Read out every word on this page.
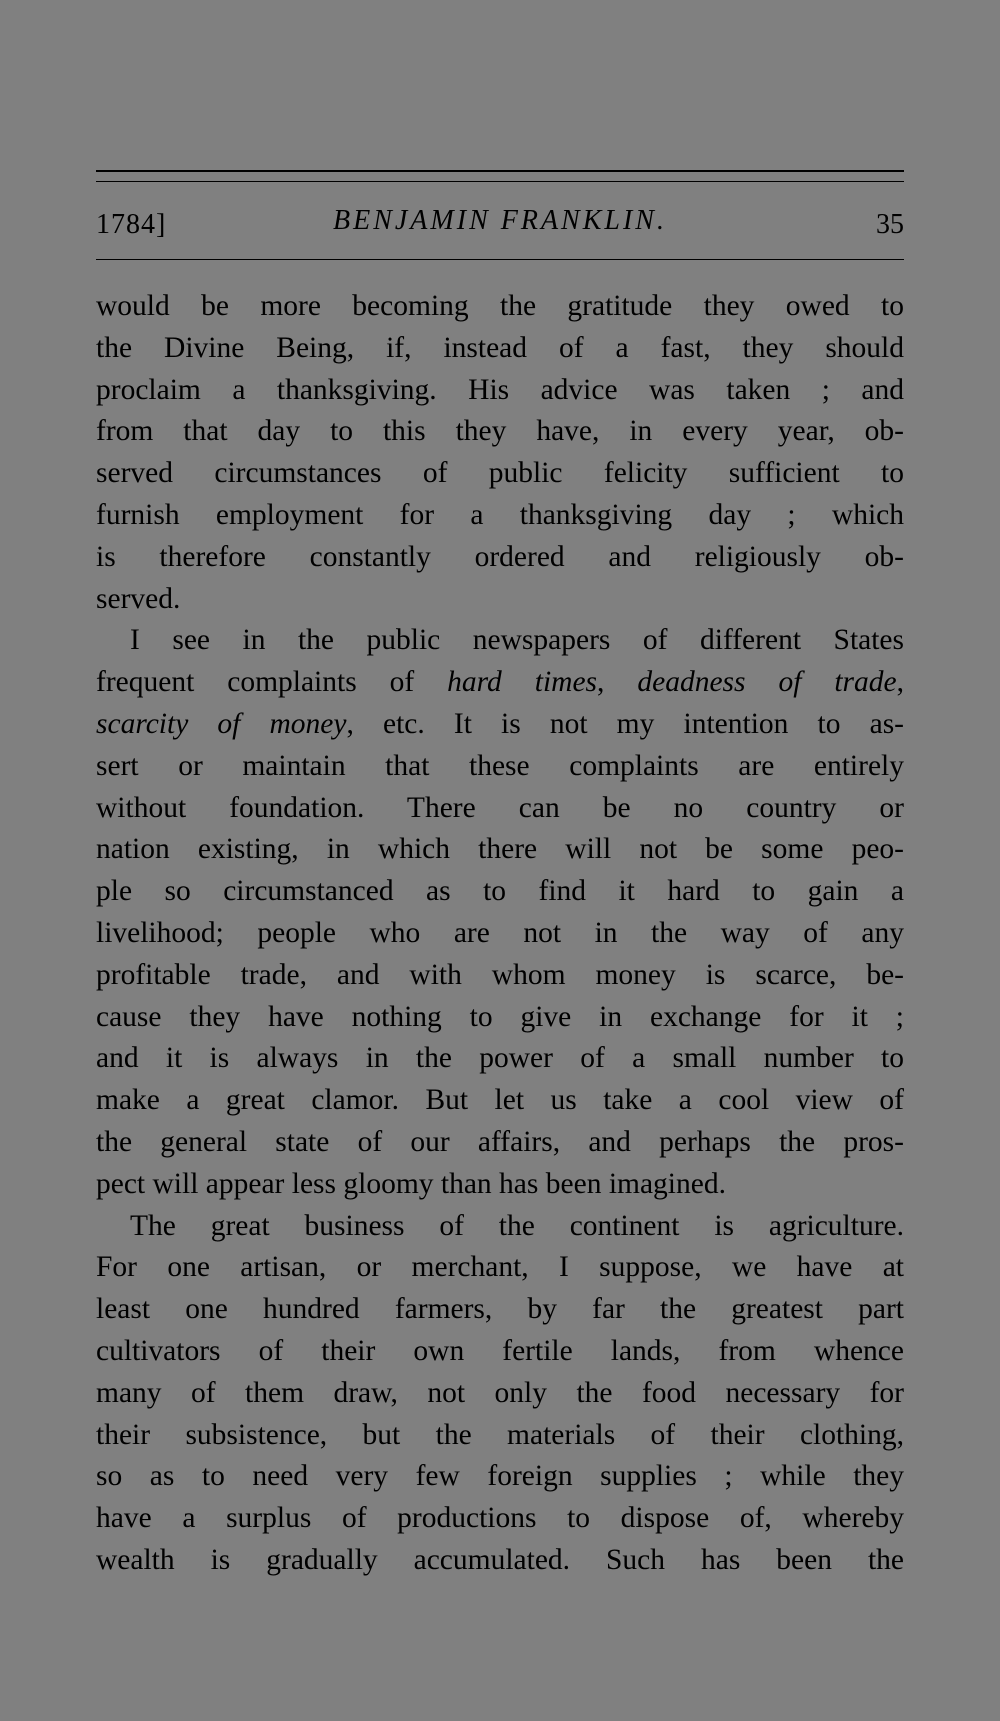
1784]	BENJAMIN FRANKLIN.	35
would be more becoming the gratitude they owed to
the Divine Being, if, instead of a fast, they should
proclaim a thanksgiving. His advice was taken ; and
from that day to this they have, in every year, ob-
served circumstances of public felicity sufficient to
furnish employment for a thanksgiving day ; which
is therefore constantly ordered and religiously ob-
served.
I see in the public newspapers of different States
frequent complaints of hard times, deadness of trade,
scarcity of money, etc. It is not my intention to as-
sert or maintain that these complaints are entirely
without foundation. There can be no country or
nation existing, in which there will not be some peo-
ple so circumstanced as to find it hard to gain a
livelihood; people who are not in the way of any
profitable trade, and with whom money is scarce, be-
cause they have nothing to give in exchange for it ;
and it is always in the power of a small number to
make a great clamor. But let us take a cool view of
the general state of our affairs, and perhaps the pros-
pect will appear less gloomy than has been imagined.
The great business of the continent is agriculture.
For one artisan, or merchant, I suppose, we have at
least one hundred farmers, by far the greatest part
cultivators of their own fertile lands, from whence
many of them draw, not only the food necessary for
their subsistence, but the materials of their clothing,
so as to need very few foreign supplies ; while they
have a surplus of productions to dispose of, whereby
wealth is gradually accumulated. Such has been the
